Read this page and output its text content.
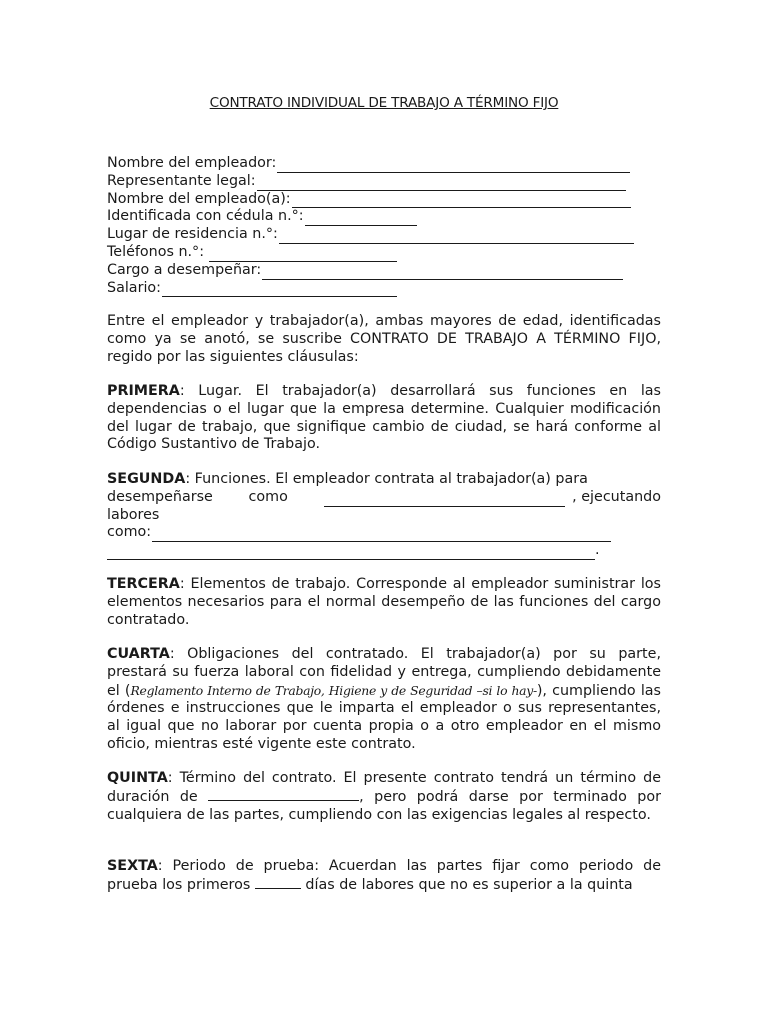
CONTRATO INDIVIDUAL DE TRABAJO A TÉRMINO FIJO
Nombre del empleador:
Representante legal:
Nombre del empleado(a):
Identificada con cédula n.°:
Lugar de residencia n.°:
Teléfonos n.°:
Cargo a desempeñar:
Salario:

Entre el empleador y trabajador(a), ambas mayores de edad, identificadas como ya se anotó, se suscribe CONTRATO DE TRABAJO A TÉRMINO FIJO, regido por las siguientes cláusulas:

PRIMERA: Lugar. El trabajador(a) desarrollará sus funciones en las dependencias o el lugar que la empresa determine. Cualquier modificación del lugar de trabajo, que signifique cambio de ciudad, se hará conforme al Código Sustantivo de Trabajo.

SEGUNDA: Funciones. El empleador contrata al trabajador(a) para

desempeñarse como	, ejecutando
labores
como:
.

TERCERA: Elementos de trabajo. Corresponde al empleador suministrar los elementos necesarios para el normal desempeño de las funciones del cargo contratado.

CUARTA: Obligaciones del contratado. El trabajador(a) por su parte, prestará su fuerza laboral con fidelidad y entrega, cumpliendo debidamente el (Reglamento Interno de Trabajo, Higiene y de Seguridad –si lo hay-), cumpliendo las órdenes e instrucciones que le imparta el empleador o sus representantes, al igual que no laborar por cuenta propia o a otro empleador en el mismo oficio, mientras esté vigente este contrato.

QUINTA: Término del contrato. El presente contrato tendrá un término de duración de	, pero podrá darse por terminado por cualquiera de las partes, cumpliendo con las exigencias legales al respecto.

SEXTA: Periodo de prueba: Acuerdan las partes fijar como periodo de prueba los primeros	días de labores que no es superior a la quinta
